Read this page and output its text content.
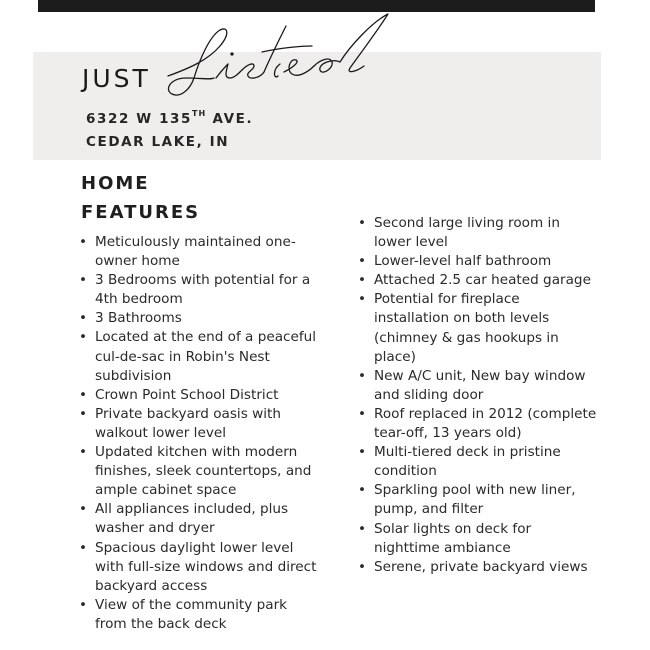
JUST
6322 W 135TH AVE.
CEDAR LAKE, IN
HOME
FEATURES
• Meticulously maintained one-owner home
• 3 Bedrooms with potential for a 4th bedroom
• 3 Bathrooms
• Located at the end of a peaceful cul-de-sac in Robin's Nest subdivision
• Crown Point School District
• Private backyard oasis with walkout lower level
• Updated kitchen with modern finishes, sleek countertops, and ample cabinet space
• All appliances included, plus washer and dryer
• Spacious daylight lower level with full-size windows and direct backyard access
• View of the community park from the back deck
• Second large living room in lower level
• Lower-level half bathroom
• Attached 2.5 car heated garage
• Potential for fireplace installation on both levels (chimney & gas hookups in place)
• New A/C unit, New bay window and sliding door
• Roof replaced in 2012 (complete tear-off, 13 years old)
• Multi-tiered deck in pristine condition
• Sparkling pool with new liner, pump, and filter
• Solar lights on deck for nighttime ambiance
• Serene, private backyard views
